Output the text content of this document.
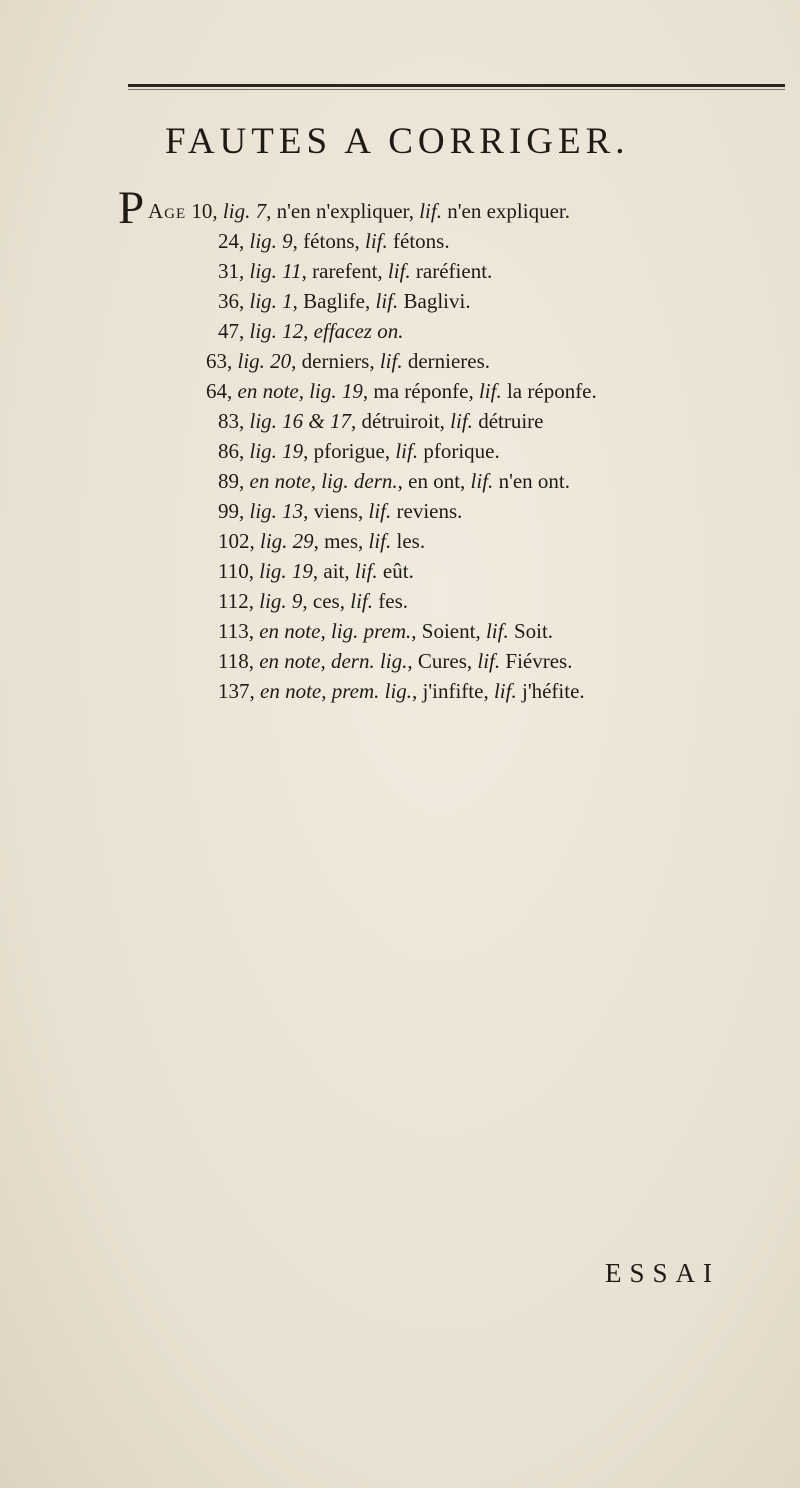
FAUTES A CORRIGER.
P Age 10, lig. 7, n'en n'expliquer, lif. n'en expliquer.
24, lig. 9, fétons, lif. fétons.
31, lig. 11, rarefent, lif. raréfient.
36, lig. 1, Baglife, lif. Baglivi.
47, lig. 12, effacez on.
63, lig. 20, derniers, lif. dernieres.
64, en note, lig. 19, ma réponfe, lif. la réponfe.
83, lig. 16 & 17, détruiroit, lif. détruire
86, lig. 19, pforigue, lif. pforique.
89, en note, lig. dern., en ont, lif. n'en ont.
99, lig. 13, viens, lif. reviens.
102, lig. 29, mes, lif. les.
110, lig. 19, ait, lif. eût.
112, lig. 9, ces, lif. fes.
113, en note, lig. prem., Soient, lif. Soit.
118, en note, dern. lig., Cures, lif. Fiévres.
137, en note, prem. lig., j'infifte, lif. j'héfite.
ESSAI
